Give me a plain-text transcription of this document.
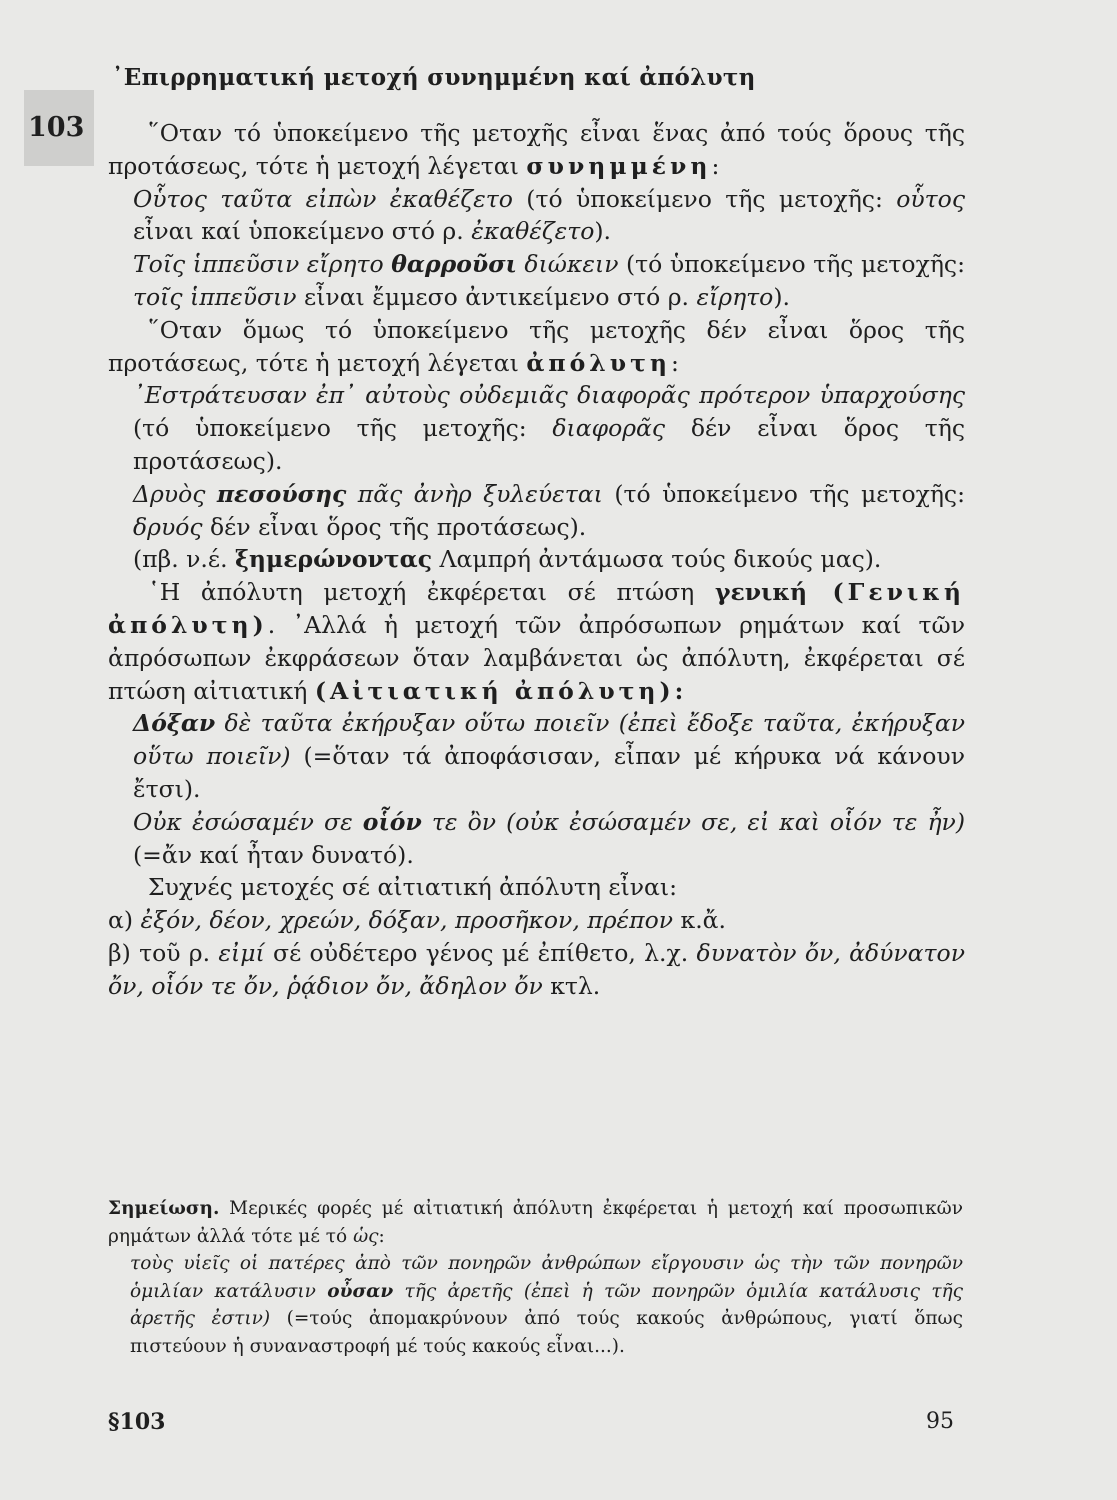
᾽Επιρρηματική μετοχή συνημμένη καί ἀπόλυτη
103	῞Οταν τό ὑποκείμενο τῆς μετοχῆς εἶναι ἕνας ἀπό τούς ὅρους τῆς προτάσεως, τότε ἡ μετοχή λέγεται συνημμένη:

Οὗτος ταῦτα εἰπὼν ἐκαθέζετο (τό ὑποκείμενο τῆς μετοχῆς: οὗτος εἶναι καί ὑποκείμενο στό ρ. ἐκαθέζετο).

Τοῖς ἱππεῦσιν εἴρητο θαρροῦσι διώκειν (τό ὑποκείμενο τῆς μετοχῆς: τοῖς ἱππεῦσιν εἶναι ἔμμεσο ἀντικείμενο στό ρ. εἴρητο).

῞Οταν ὅμως τό ὑποκείμενο τῆς μετοχῆς δέν εἶναι ὅρος τῆς προτάσεως, τότε ἡ μετοχή λέγεται ἀπόλυτη:

᾽Εστράτευσαν ἐπ᾽ αὐτοὺς οὐδεμιᾶς διαφορᾶς πρότερον ὑπαρχούσης (τό ὑποκείμενο τῆς μετοχῆς: διαφορᾶς δέν εἶναι ὅρος τῆς προτάσεως).

Δρυὸς πεσούσης πᾶς ἀνὴρ ξυλεύεται (τό ὑποκείμενο τῆς μετοχῆς: δρυός δέν εἶναι ὅρος τῆς προτάσεως).

(πβ. ν.έ. ξημερώνοντας Λαμπρή ἀντάμωσα τούς δικούς μας).

῾Η ἀπόλυτη μετοχή ἐκφέρεται σέ πτώση γενική (Γενική ἀπόλυτη). ᾽Αλλά ἡ μετοχή τῶν ἀπρόσωπων ρημάτων καί τῶν ἀπρόσωπων ἐκφράσεων ὅταν λαμβάνεται ὡς ἀπόλυτη, ἐκφέρεται σέ πτώση αἰτιατική (Αἰτιατική ἀπόλυτη):

Δόξαν δὲ ταῦτα ἐκήρυξαν οὕτω ποιεῖν (ἐπεὶ ἔδοξε ταῦτα, ἐκήρυξαν οὕτω ποιεῖν) (=ὅταν τά ἀποφάσισαν, εἶπαν μέ κήρυκα νά κάνουν ἔτσι).

Οὐκ ἐσώσαμέν σε οἷόν τε ὂν (οὐκ ἐσώσαμέν σε, εἰ καὶ οἷόν τε ἦν) (=ἄν καί ἦταν δυνατό).

Συχνές μετοχές σέ αἰτιατική ἀπόλυτη εἶναι:

α) ἐξόν, δέον, χρεών, δόξαν, προσῆκον, πρέπον κ.ἄ.

β) τοῦ ρ. εἰμί σέ οὐδέτερο γένος μέ ἐπίθετο, λ.χ. δυνατὸν ὄν, ἀδύνατον ὄν, οἷόν τε ὄν, ῥᾴδιον ὄν, ἄδηλον ὄν κτλ.

Σημείωση. Μερικές φορές μέ αἰτιατική ἀπόλυτη ἐκφέρεται ἡ μετοχή καί προσωπικῶν ρημάτων ἀλλά τότε μέ τό ὡς:

τοὺς υἱεῖς οἱ πατέρες ἀπὸ τῶν πονηρῶν ἀνθρώπων εἴργουσιν ὡς τὴν τῶν πονηρῶν ὁμιλίαν κατάλυσιν οὖσαν τῆς ἀρετῆς (ἐπεὶ ἡ τῶν πονηρῶν ὁμιλία κατάλυσις τῆς ἀρετῆς ἐστιν) (=τούς ἀπομακρύνουν ἀπό τούς κακούς ἀνθρώπους, γιατί ὅπως πιστεύουν ἡ συναναστροφή μέ τούς κακούς εἶναι...).

§103	95
